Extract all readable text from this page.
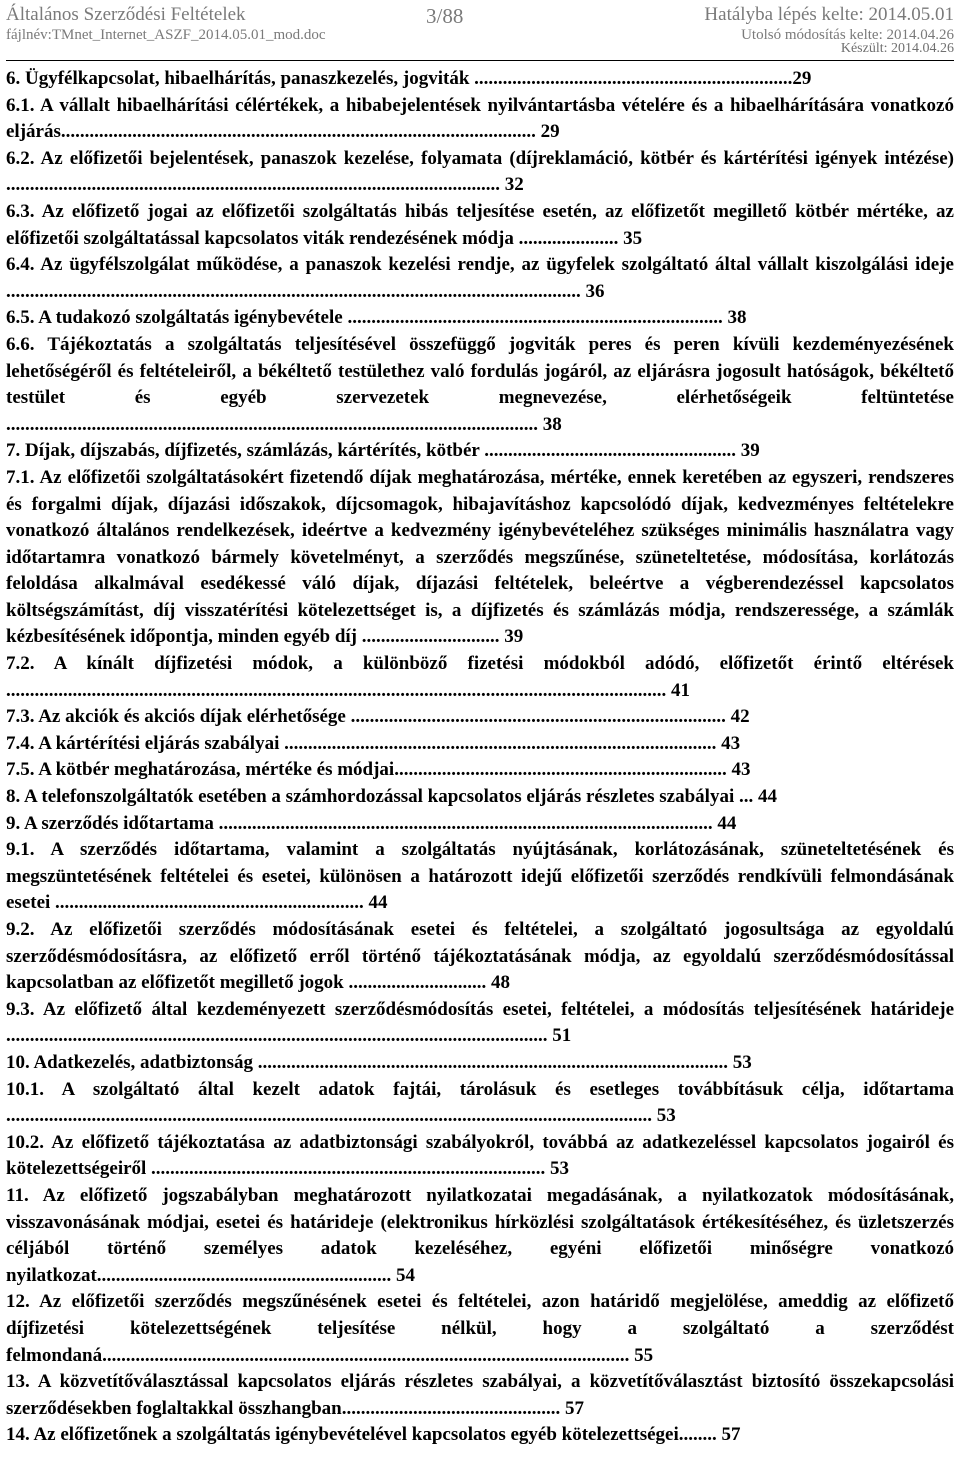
Általános Szerződési Feltételek
fájlnév:TMnet_Internet_ASZF_2014.05.01_mod.doc
3/88	Hatályba lépés kelte: 2014.05.01
Utolsó módosítás kelte: 2014.04.26
Készült: 2014.04.26
6. Ügyfélkapcsolat, hibaelhárítás, panaszkezelés, jogviták ...................................................................29
6.1. A vállalt hibaelhárítási célértékek, a hibabejelentések nyilvántartásba vételére és a hibaelhárítására vonatkozó eljárás.................................................................................................... 29
6.2. Az előfizetői bejelentések, panaszok kezelése, folyamata (díjreklamáció, kötbér és kártérítési igények intézése) ........................................................................................................ 32
6.3. Az előfizető jogai az előfizetői szolgáltatás hibás teljesítése esetén, az előfizetőt megillető kötbér mértéke, az előfizetői szolgáltatással kapcsolatos viták rendezésének módja ..................... 35
6.4. Az ügyfélszolgálat működése, a panaszok kezelési rendje, az ügyfelek szolgáltató által vállalt kiszolgálási ideje ......................................................................................................................... 36
6.5. A tudakozó szolgáltatás igénybevétele ............................................................................... 38
6.6. Tájékoztatás a szolgáltatás teljesítésével összefüggő jogviták peres és peren kívüli kezdeményezésének lehetőségéről és feltételeiről, a békéltető testülethez való fordulás jogáról, az eljárásra jogosult hatóságok, békéltető testület és egyéb szervezetek megnevezése, elérhetőségeik feltüntetése ................................................................................................................ 38
7. Díjak, díjszabás, díjfizetés, számlázás, kártérítés, kötbér ..................................................... 39
7.1. Az előfizetői szolgáltatásokért fizetendő díjak meghatározása, mértéke, ennek keretében az egyszeri, rendszeres és forgalmi díjak, díjazási időszakok, díjcsomagok, hibajavításhoz kapcsolódó díjak, kedvezményes feltételekre vonatkozó általános rendelkezések, ideértve a kedvezmény igénybevételéhez szükséges minimális használatra vagy időtartamra vonatkozó bármely követelményt, a szerződés megszűnése, szüneteltetése, módosítása, korlátozás feloldása alkalmával esedékessé váló díjak, díjazási feltételek, beleértve a végberendezéssel kapcsolatos költségszámítást, díj visszatérítési kötelezettséget is, a díjfizetés és számlázás módja, rendszeressége, a számlák kézbesítésének időpontja, minden egyéb díj ............................. 39
7.2. A kínált díjfizetési módok, a különböző fizetési módokból adódó, előfizetőt érintő eltérések ........................................................................................................................................... 41
7.3. Az akciók és akciós díjak elérhetősége ............................................................................... 42
7.4. A kártérítési eljárás szabályai ........................................................................................... 43
7.5. A kötbér meghatározása, mértéke és módjai...................................................................... 43
8. A telefonszolgáltatók esetében a számhordozással kapcsolatos eljárás részletes szabályai ... 44
9. A szerződés időtartama ........................................................................................................ 44
9.1. A szerződés időtartama, valamint a szolgáltatás nyújtásának, korlátozásának, szüneteltetésének és megszüntetésének feltételei és esetei, különösen a határozott idejű előfizetői szerződés rendkívüli felmondásának esetei ................................................................. 44
9.2. Az előfizetői szerződés módosításának esetei és feltételei, a szolgáltató jogosultsága az egyoldalú szerződésmódosításra, az előfizető erről történő tájékoztatásának módja, az egyoldalú szerződésmódosítással kapcsolatban az előfizetőt megillető jogok ............................. 48
9.3. Az előfizető által kezdeményezett szerződésmódosítás esetei, feltételei, a módosítás teljesítésének határideje .................................................................................................................. 51
10. Adatkezelés, adatbiztonság ................................................................................................... 53
10.1. A szolgáltató által kezelt adatok fajtái, tárolásuk és esetleges továbbításuk célja, időtartama ........................................................................................................................................ 53
10.2. Az előfizető tájékoztatása az adatbiztonsági szabályokról, továbbá az adatkezeléssel kapcsolatos jogairól és kötelezettségeiről ................................................................................... 53
11. Az előfizető jogszabályban meghatározott nyilatkozatai megadásának, a nyilatkozatok módosításának, visszavonásának módjai, esetei és határideje (elektronikus hírközlési szolgáltatások értékesítéséhez, és üzletszerzés céljából történő személyes adatok kezeléséhez, egyéni előfizetői minőségre vonatkozó nyilatkozat.............................................................. 54
12. Az előfizetői szerződés megszűnésének esetei és feltételei, azon határidő megjelölése, ameddig az előfizető díjfizetési kötelezettségének teljesítése nélkül, hogy a szolgáltató a szerződést felmondaná............................................................................................................... 55
13. A közvetítőválasztással kapcsolatos eljárás részletes szabályai, a közvetítőválasztást biztosító összekapcsolási szerződésekben foglaltakkal összhangban.............................................. 57
14. Az előfizetőnek a szolgáltatás igénybevételével kapcsolatos egyéb kötelezettségei........ 57
